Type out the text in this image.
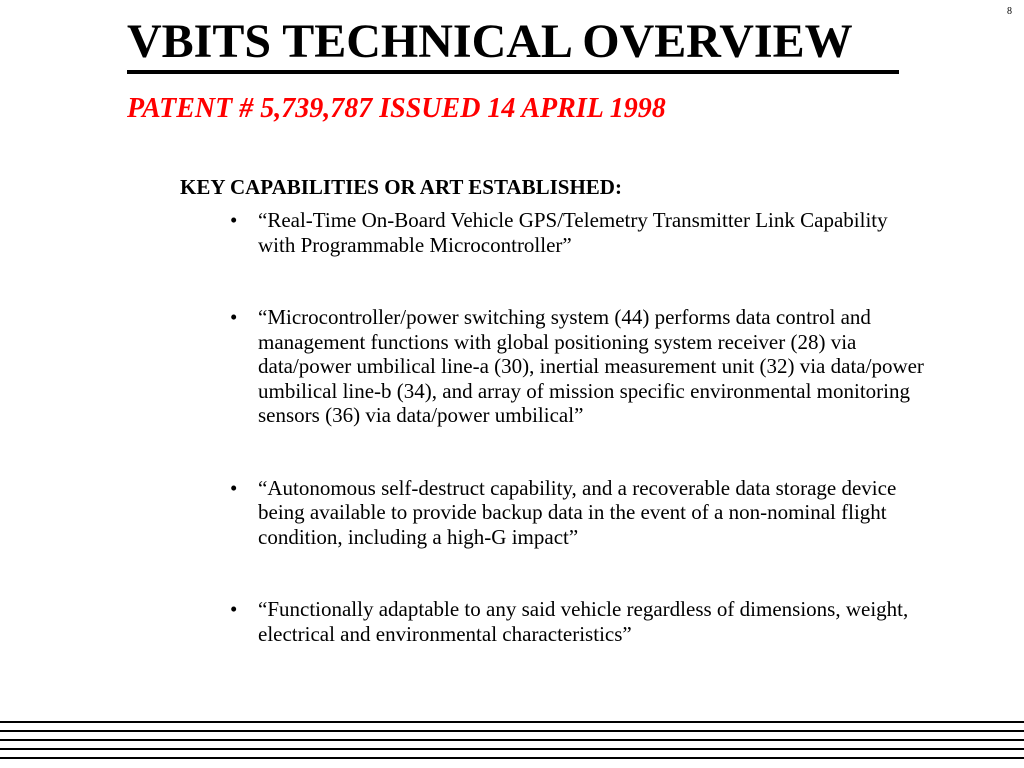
8
VBITS TECHNICAL OVERVIEW
PATENT # 5,739,787 ISSUED 14 APRIL 1998
KEY CAPABILITIES OR ART ESTABLISHED:
• “Real-Time On-Board Vehicle GPS/Telemetry Transmitter Link Capability with Programmable Microcontroller”
• “Microcontroller/power switching system (44) performs data control and management functions with global positioning system receiver (28) via data/power umbilical line-a (30), inertial measurement unit (32) via data/power umbilical line-b (34), and array of mission specific environmental monitoring sensors (36) via data/power umbilical”
• “Autonomous self-destruct capability, and a recoverable data storage device being available to provide backup data in the event of a non-nominal flight condition, including a high-G impact”
• “Functionally adaptable to any said vehicle regardless of dimensions, weight, electrical and environmental characteristics”
